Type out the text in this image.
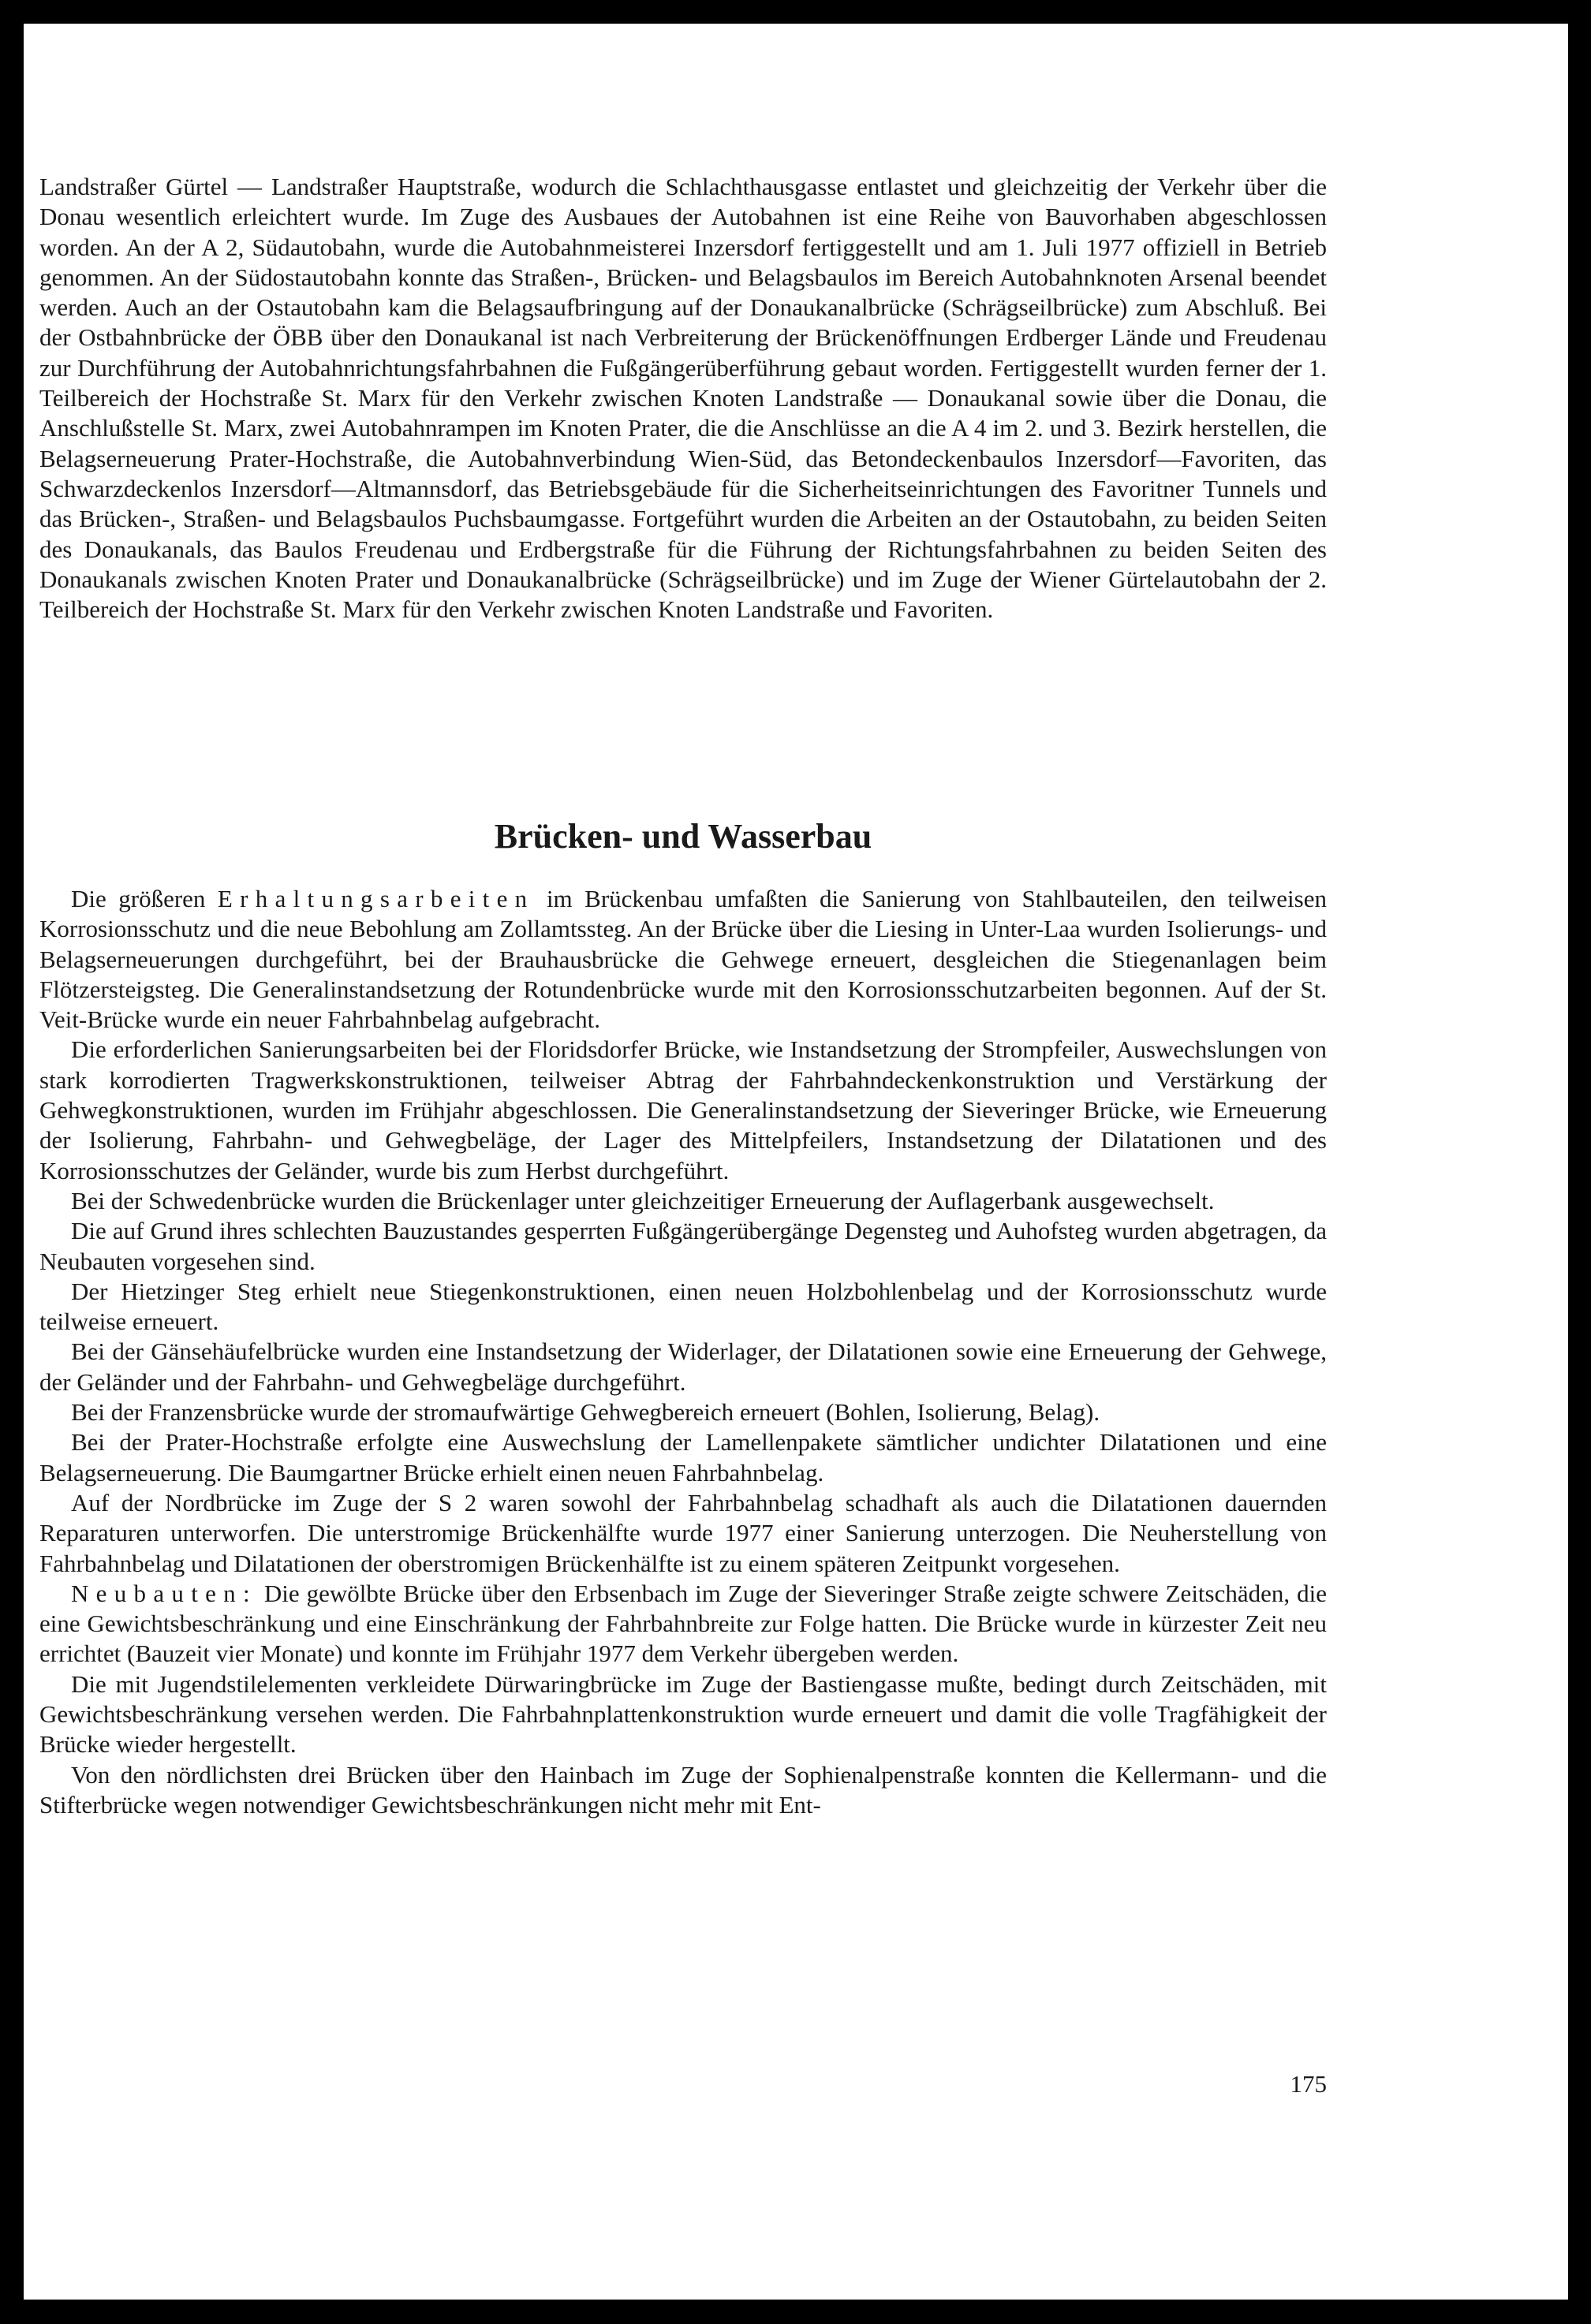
Landstraßer Gürtel — Landstraßer Hauptstraße, wodurch die Schlachthausgasse entlastet und gleichzeitig der Verkehr über die Donau wesentlich erleichtert wurde. Im Zuge des Ausbaues der Autobahnen ist eine Reihe von Bauvorhaben abgeschlossen worden. An der A 2, Südautobahn, wurde die Autobahnmeisterei Inzersdorf fertiggestellt und am 1. Juli 1977 offiziell in Betrieb genommen. An der Südostautobahn konnte das Straßen-, Brücken- und Belagsbaulos im Bereich Autobahnknoten Arsenal beendet werden. Auch an der Ostautobahn kam die Belagsaufbringung auf der Donaukanalbrücke (Schrägseilbrücke) zum Abschluß. Bei der Ostbahnbrücke der ÖBB über den Donaukanal ist nach Verbreiterung der Brückenöffnungen Erdberger Lände und Freudenau zur Durchführung der Autobahnrichtungsfahrbahnen die Fußgängerüberführung gebaut worden. Fertiggestellt wurden ferner der 1. Teilbereich der Hochstraße St. Marx für den Verkehr zwischen Knoten Landstraße — Donaukanal sowie über die Donau, die Anschlußstelle St. Marx, zwei Autobahnrampen im Knoten Prater, die die Anschlüsse an die A 4 im 2. und 3. Bezirk herstellen, die Belagserneuerung Prater-Hochstraße, die Autobahnverbindung Wien-Süd, das Betondeckenbaulos Inzersdorf—Favoriten, das Schwarzdeckenlos Inzersdorf—Altmannsdorf, das Betriebsgebäude für die Sicherheitseinrichtungen des Favoritner Tunnels und das Brücken-, Straßen- und Belagsbaulos Puchsbaumgasse. Fortgeführt wurden die Arbeiten an der Ostautobahn, zu beiden Seiten des Donaukanals, das Baulos Freudenau und Erdbergstraße für die Führung der Richtungsfahrbahnen zu beiden Seiten des Donaukanals zwischen Knoten Prater und Donaukanalbrücke (Schrägseilbrücke) und im Zuge der Wiener Gürtelautobahn der 2. Teilbereich der Hochstraße St. Marx für den Verkehr zwischen Knoten Landstraße und Favoriten.

Brücken- und Wasserbau

Die größeren Erhaltungsarbeiten im Brückenbau umfaßten die Sanierung von Stahlbauteilen, den teilweisen Korrosionsschutz und die neue Bebohlung am Zollamtssteg. An der Brücke über die Liesing in Unter-Laa wurden Isolierungs- und Belagserneuerungen durchgeführt, bei der Brauhausbrücke die Gehwege erneuert, desgleichen die Stiegenanlagen beim Flötzersteigsteg. Die Generalinstandsetzung der Rotundenbrücke wurde mit den Korrosionsschutzarbeiten begonnen. Auf der St. Veit-Brücke wurde ein neuer Fahrbahnbelag aufgebracht.

Die erforderlichen Sanierungsarbeiten bei der Floridsdorfer Brücke, wie Instandsetzung der Strompfeiler, Auswechslungen von stark korrodierten Tragwerkskonstruktionen, teilweiser Abtrag der Fahrbahndeckenkonstruktion und Verstärkung der Gehwegkonstruktionen, wurden im Frühjahr abgeschlossen. Die Generalinstandsetzung der Sieveringer Brücke, wie Erneuerung der Isolierung, Fahrbahn- und Gehwegbeläge, der Lager des Mittelpfeilers, Instandsetzung der Dilatationen und des Korrosionsschutzes der Geländer, wurde bis zum Herbst durchgeführt.

Bei der Schwedenbrücke wurden die Brückenlager unter gleichzeitiger Erneuerung der Auflagerbank ausgewechselt.

Die auf Grund ihres schlechten Bauzustandes gesperrten Fußgängerübergänge Degensteg und Auhofsteg wurden abgetragen, da Neubauten vorgesehen sind.

Der Hietzinger Steg erhielt neue Stiegenkonstruktionen, einen neuen Holzbohlenbelag und der Korrosionsschutz wurde teilweise erneuert.

Bei der Gänsehäufelbrücke wurden eine Instandsetzung der Widerlager, der Dilatationen sowie eine Erneuerung der Gehwege, der Geländer und der Fahrbahn- und Gehwegbeläge durchgeführt.

Bei der Franzensbrücke wurde der stromaufwärtige Gehwegbereich erneuert (Bohlen, Isolierung, Belag).

Bei der Prater-Hochstraße erfolgte eine Auswechslung der Lamellenpakete sämtlicher undichter Dilatationen und eine Belagserneuerung. Die Baumgartner Brücke erhielt einen neuen Fahrbahnbelag.

Auf der Nordbrücke im Zuge der S 2 waren sowohl der Fahrbahnbelag schadhaft als auch die Dilatationen dauernden Reparaturen unterworfen. Die unterstromige Brückenhälfte wurde 1977 einer Sanierung unterzogen. Die Neuherstellung von Fahrbahnbelag und Dilatationen der oberstromigen Brückenhälfte ist zu einem späteren Zeitpunkt vorgesehen.

Neubauten: Die gewölbte Brücke über den Erbsenbach im Zuge der Sieveringer Straße zeigte schwere Zeitschäden, die eine Gewichtsbeschränkung und eine Einschränkung der Fahrbahnbreite zur Folge hatten. Die Brücke wurde in kürzester Zeit neu errichtet (Bauzeit vier Monate) und konnte im Frühjahr 1977 dem Verkehr übergeben werden.

Die mit Jugendstilelementen verkleidete Dürwaringbrücke im Zuge der Bastiengasse mußte, bedingt durch Zeitschäden, mit Gewichtsbeschränkung versehen werden. Die Fahrbahnplattenkonstruktion wurde erneuert und damit die volle Tragfähigkeit der Brücke wieder hergestellt.

Von den nördlichsten drei Brücken über den Hainbach im Zuge der Sophienalpenstraße konnten die Kellermann- und die Stifterbrücke wegen notwendiger Gewichtsbeschränkungen nicht mehr mit Ent-

175
